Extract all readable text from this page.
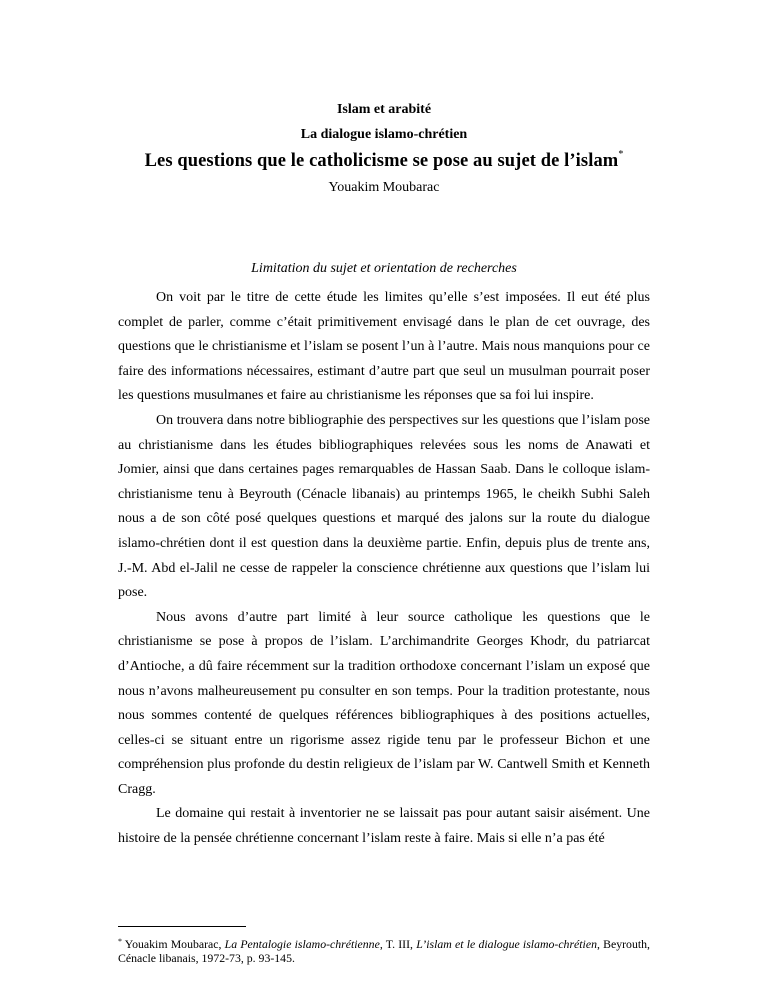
Islam et arabité
La dialogue islamo-chrétien
Les questions que le catholicisme se pose au sujet de l’islam*
Youakim Moubarac
Limitation du sujet et orientation de recherches

On voit par le titre de cette étude les limites qu’elle s’est imposées. Il eut été plus complet de parler, comme c’était primitivement envisagé dans le plan de cet ouvrage, des questions que le christianisme et l’islam se posent l’un à l’autre. Mais nous manquions pour ce faire des informations nécessaires, estimant d’autre part que seul un musulman pourrait poser les questions musulmanes et faire au christianisme les réponses que sa foi lui inspire.

On trouvera dans notre bibliographie des perspectives sur les questions que l’islam pose au christianisme dans les études bibliographiques relevées sous les noms de Anawati et Jomier, ainsi que dans certaines pages remarquables de Hassan Saab. Dans le colloque islam-christianisme tenu à Beyrouth (Cénacle libanais) au printemps 1965, le cheikh Subhi Saleh nous a de son côté posé quelques questions et marqué des jalons sur la route du dialogue islamo-chrétien dont il est question dans la deuxième partie. Enfin, depuis plus de trente ans, J.-M. Abd el-Jalil ne cesse de rappeler la conscience chrétienne aux questions que l’islam lui pose.

Nous avons d’autre part limité à leur source catholique les questions que le christianisme se pose à propos de l’islam. L’archimandrite Georges Khodr, du patriarcat d’Antioche, a dû faire récemment sur la tradition orthodoxe concernant l’islam un exposé que nous n’avons malheureusement pu consulter en son temps. Pour la tradition protestante, nous nous sommes contenté de quelques références bibliographiques à des positions actuelles, celles-ci se situant entre un rigorisme assez rigide tenu par le professeur Bichon et une compréhension plus profonde du destin religieux de l’islam par W. Cantwell Smith et Kenneth Cragg.

Le domaine qui restait à inventorier ne se laissait pas pour autant saisir aisément. Une histoire de la pensée chrétienne concernant l’islam reste à faire. Mais si elle n’a pas été

* Youakim Moubarac, La Pentalogie islamo-chrétienne, T. III, L’islam et le dialogue islamo-chrétien, Beyrouth, Cénacle libanais, 1972-73, p. 93-145.
